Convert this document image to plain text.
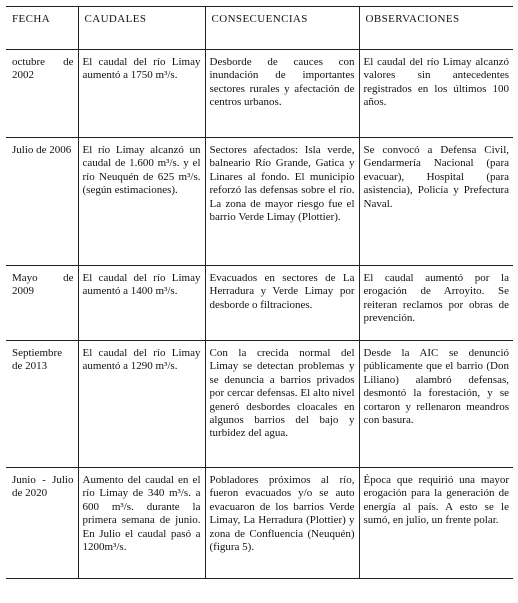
FECHA	CAUDALES	CONSECUENCIAS	OBSERVACIONES
octubre de 2002	El caudal del río Limay aumentó a 1750 m³/s.	Desborde de cauces con inundación de importantes sectores rurales y afectación de centros urbanos.	El caudal del río Limay alcanzó valores sin antecedentes registrados en los últimos 100 años.
Julio de 2006	El río Limay alcanzó un caudal de 1.600 m³/s. y el río Neuquén de 625 m³/s. (según estimaciones).	Sectores afectados: Isla verde, balneario Río Grande, Gatica y Linares al fondo. El municipio reforzó las defensas sobre el río. La zona de mayor riesgo fue el barrio Verde Limay (Plottier).	Se convocó a Defensa Civil, Gendarmería Nacional (para evacuar), Hospital (para asistencia), Policía y Prefectura Naval.
Mayo de 2009	El caudal del río Limay aumentó a 1400 m³/s.	Evacuados en sectores de La Herradura y Verde Limay por desborde o filtraciones.	El caudal aumentó por la erogación de Arroyito. Se reiteran reclamos por obras de prevención.
Septiembre de 2013	El caudal del río Limay aumentó a 1290 m³/s.	Con la crecida normal del Limay se detectan problemas y se denuncia a barrios privados por cercar defensas. El alto nivel generó desbordes cloacales en algunos barrios del bajo y turbidez del agua.	Desde la AIC se denunció públicamente que el barrio (Don Liliano) alambró defensas, desmontó la forestación, y se cortaron y rellenaron meandros con basura.
Junio - Julio de 2020	Aumento del caudal en el río Limay de 340 m³/s. a 600 m³/s. durante la primera semana de junio. En Julio el caudal pasó a 1200m³/s.	Pobladores próximos al río, fueron evacuados y/o se auto evacuaron de los barrios Verde Limay, La Herradura (Plottier) y zona de Confluencia (Neuquén) (figura 5).	Época que requirió una mayor erogación para la generación de energía al país. A esto se le sumó, en julio, un frente polar.
